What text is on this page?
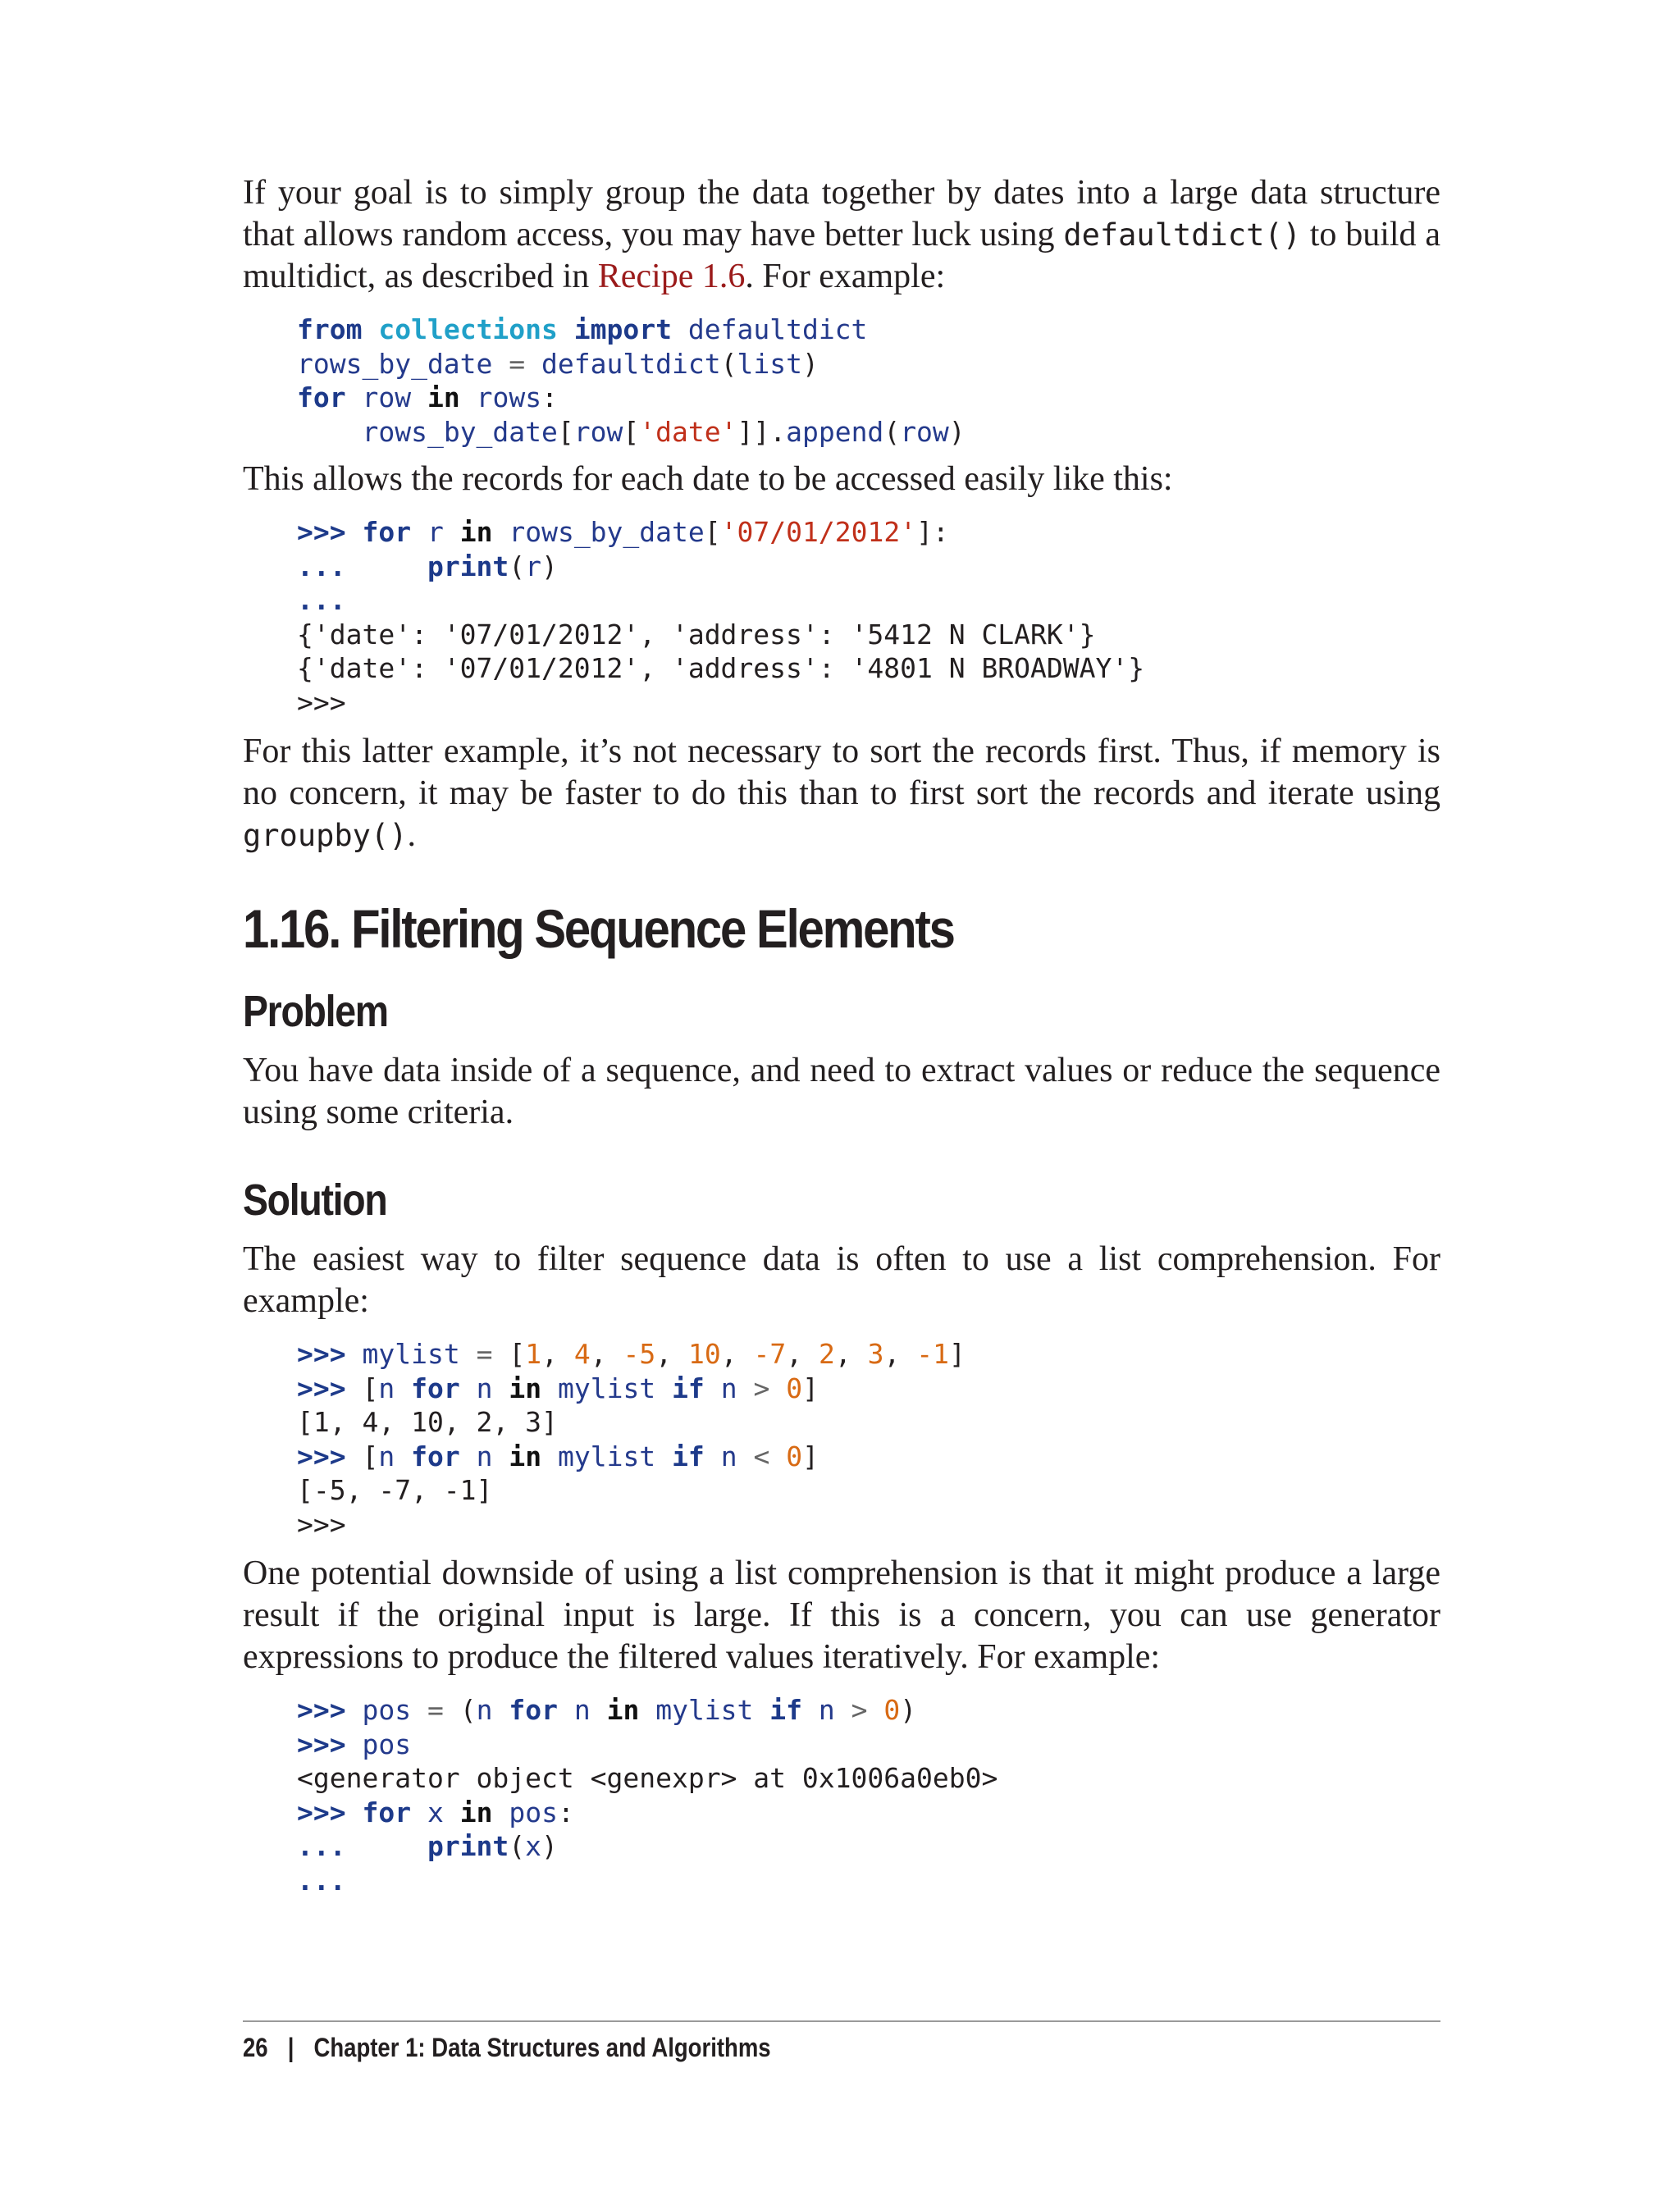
If your goal is to simply group the data together by dates into a large data structure that allows random access, you may have better luck using defaultdict() to build a multidict, as described in Recipe 1.6. For example:

from collections import defaultdict
rows_by_date = defaultdict(list)
for row in rows:
rows_by_date[row['date']].append(row)

This allows the records for each date to be accessed easily like this:

>>> for r in rows_by_date['07/01/2012']:
...	print(r)
...
{'date': '07/01/2012', 'address': '5412 N CLARK'}
{'date': '07/01/2012', 'address': '4801 N BROADWAY'}
>>>

For this latter example, it’s not necessary to sort the records first. Thus, if memory is no concern, it may be faster to do this than to first sort the records and iterate using groupby().

1.16. Filtering Sequence Elements
Problem

You have data inside of a sequence, and need to extract values or reduce the sequence using some criteria.

Solution

The easiest way to filter sequence data is often to use a list comprehension. For example:

>>> mylist = [1, 4, -5, 10, -7, 2, 3, -1]
>>> [n for n in mylist if n > 0]
[1, 4, 10, 2, 3]
>>> [n for n in mylist if n < 0]
[-5, -7, -1]
>>>

One potential downside of using a list comprehension is that it might produce a large result if the original input is large. If this is a concern, you can use generator expressions to produce the filtered values iteratively. For example:

>>> pos = (n for n in mylist if n > 0)
>>> pos
<generator object <genexpr> at 0x1006a0eb0>
>>> for x in pos:
...	print(x)
...
26 | Chapter 1: Data Structures and Algorithms
